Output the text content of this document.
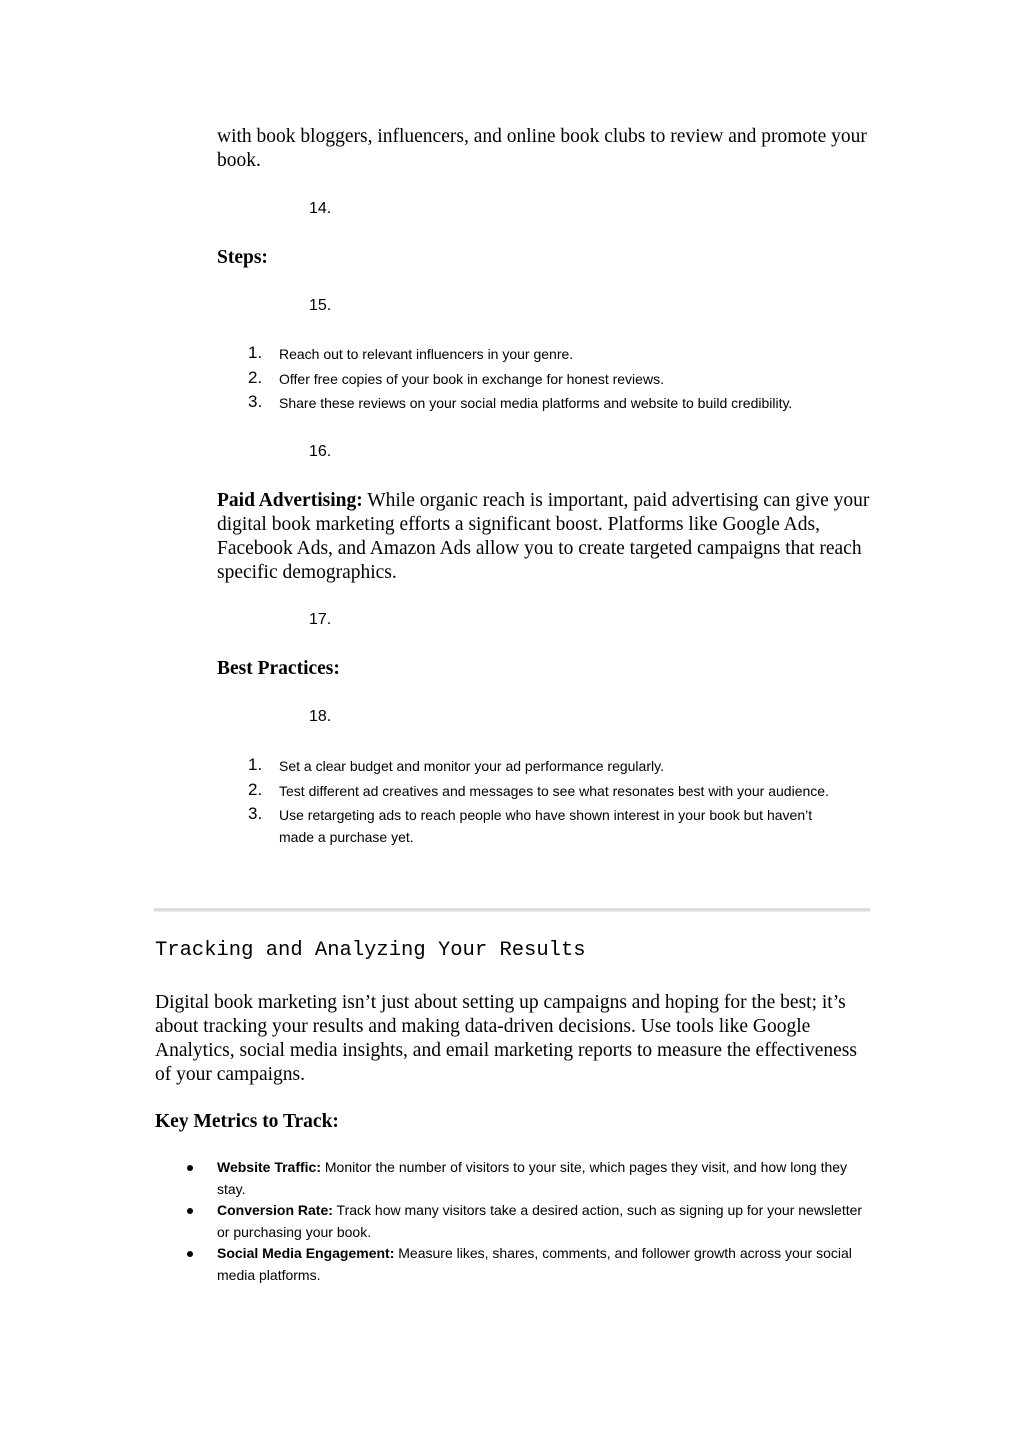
with book bloggers, influencers, and online book clubs to review and promote your book.

14.

Steps:

15.
1. Reach out to relevant influencers in your genre.
2. Offer free copies of your book in exchange for honest reviews.
3. Share these reviews on your social media platforms and website to build credibility.
16.

Paid Advertising: While organic reach is important, paid advertising can give your digital book marketing efforts a significant boost. Platforms like Google Ads, Facebook Ads, and Amazon Ads allow you to create targeted campaigns that reach specific demographics.

17.

Best Practices:

18.
1. Set a clear budget and monitor your ad performance regularly.
2. Test different ad creatives and messages to see what resonates best with your audience.
3. Use retargeting ads to reach people who have shown interest in your book but haven’t made a purchase yet.
Tracking and Analyzing Your Results

Digital book marketing isn’t just about setting up campaigns and hoping for the best; it’s about tracking your results and making data-driven decisions. Use tools like Google Analytics, social media insights, and email marketing reports to measure the effectiveness of your campaigns.

Key Metrics to Track:

Website Traffic: Monitor the number of visitors to your site, which pages they visit, and how long they stay.
Conversion Rate: Track how many visitors take a desired action, such as signing up for your newsletter or purchasing your book.
Social Media Engagement: Measure likes, shares, comments, and follower growth across your social media platforms.
